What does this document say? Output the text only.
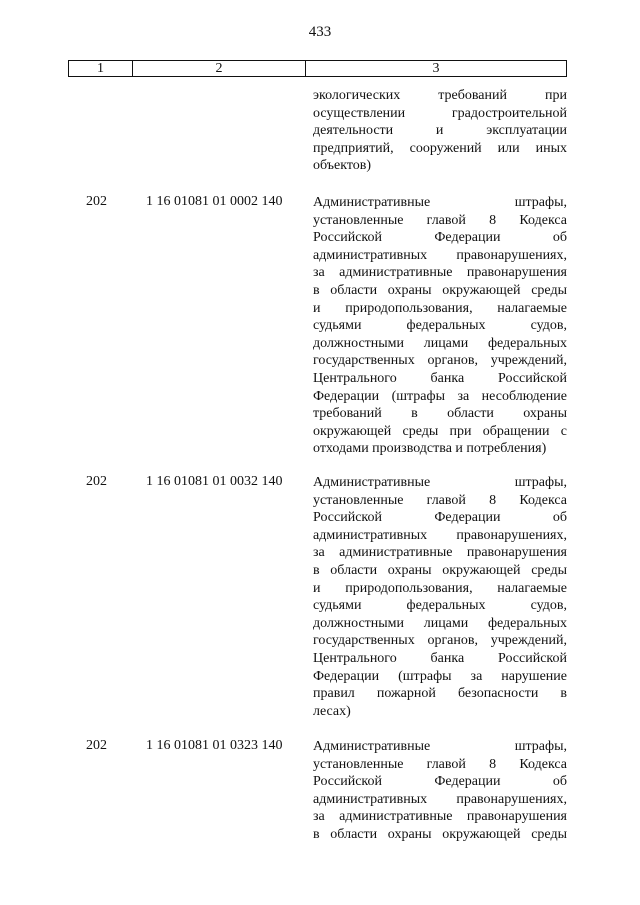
433
1	2	3
экологических требований при
осуществлении градостроительной
деятельности и эксплуатации
предприятий, сооружений или иных
объектов)
202	1 16 01081 01 0002 140	Административные штрафы,
установленные главой 8 Кодекса
Российской Федерации об
административных правонарушениях,
за административные правонарушения
в области охраны окружающей среды
и природопользования, налагаемые
судьями федеральных судов,
должностными лицами федеральных
государственных органов, учреждений,
Центрального банка Российской
Федерации (штрафы за несоблюдение
требований в области охраны
окружающей среды при обращении с
отходами производства и потребления)
202	1 16 01081 01 0032 140	Административные штрафы,
установленные главой 8 Кодекса
Российской Федерации об
административных правонарушениях,
за административные правонарушения
в области охраны окружающей среды
и природопользования, налагаемые
судьями федеральных судов,
должностными лицами федеральных
государственных органов, учреждений,
Центрального банка Российской
Федерации (штрафы за нарушение
правил пожарной безопасности в
лесах)
202	1 16 01081 01 0323 140	Административные штрафы,
установленные главой 8 Кодекса
Российской Федерации об
административных правонарушениях,
за административные правонарушения
в области охраны окружающей среды
